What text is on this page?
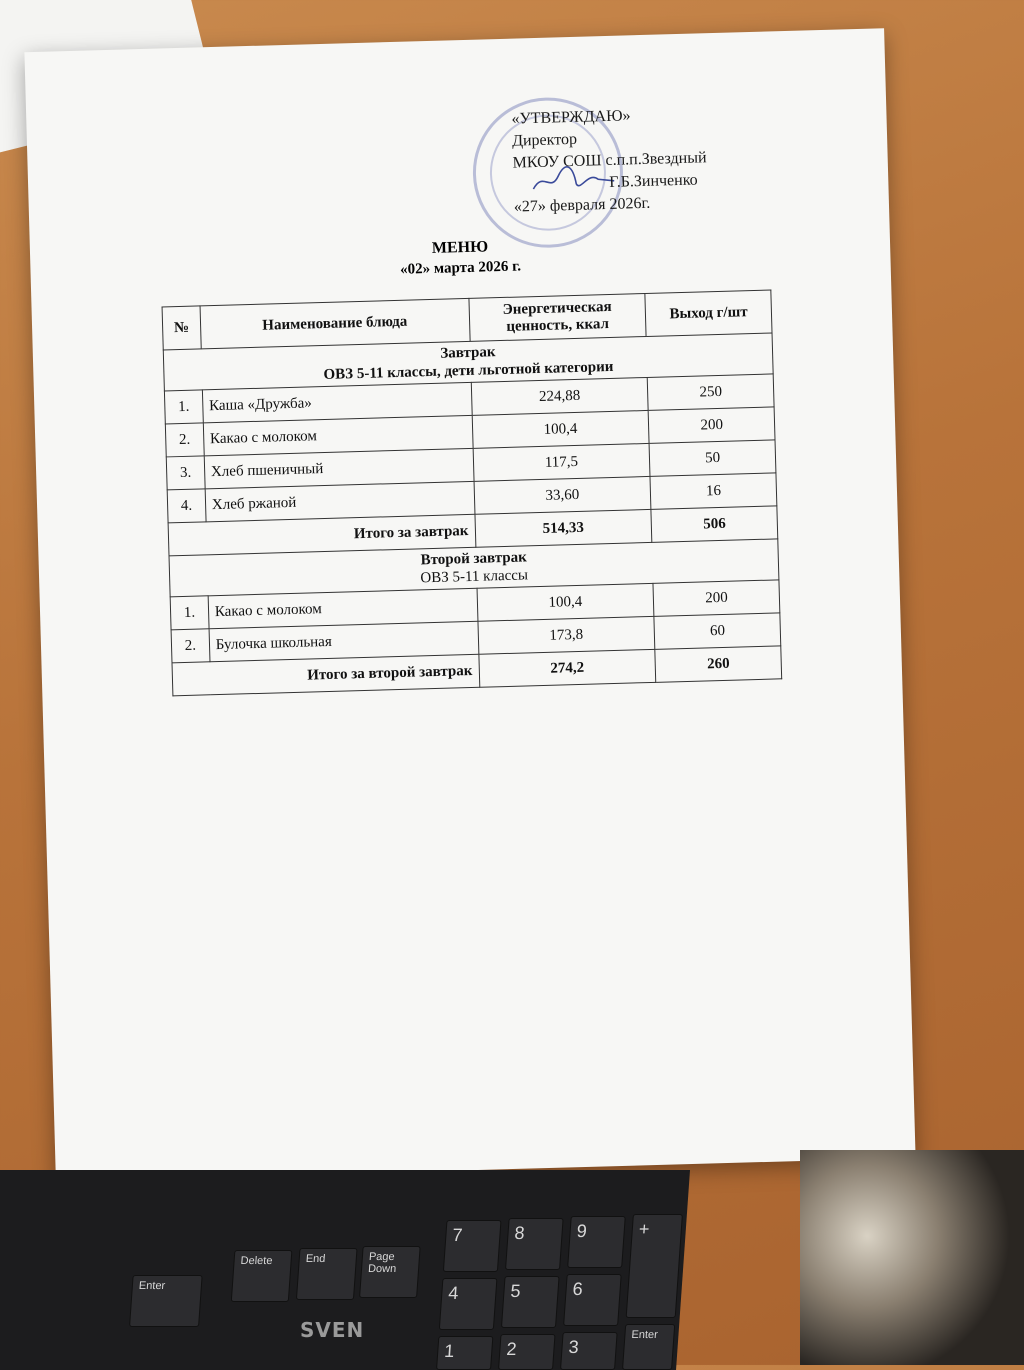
«УТВЕРЖДАЮ»
Директор
МКОУ СОШ с.п.п.Звездный
Г.Б.Зинченко
«27» февраля 2026г.
МЕНЮ
«02» марта 2026 г.
№	Наименование блюда	Энергетическая ценность, ккал	Выход г/шт

Завтрак
ОВЗ 5-11 классы, дети льготной категории			

1.	Каша «Дружба»	224,88	250
2.	Какао с молоком	100,4	200
3.	Хлеб пшеничный	117,5	50
4.	Хлеб ржаной	33,60	16
Итого за завтрак		514,33	506

Второй завтрак
ОВЗ 5-11 классы			

1.	Какао с молоком	100,4	200
2.	Булочка школьная	173,8	60
Итого за второй завтрак		274,2	260
Enter
Delete	End	Page Down
7	8	9	+
4	5	6
1	2	3
Enter
SVEN
